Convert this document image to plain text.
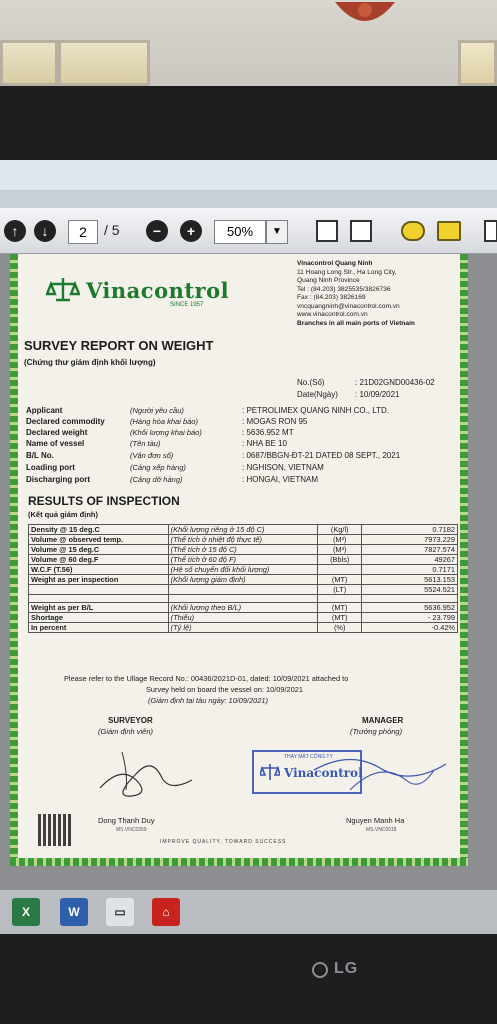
↑	↓	2	/ 5	−	+	50%	▼
Vinacontrol
SINCE 1957
Vinacontrol Quang Ninh
11 Hoang Long Str., Ha Long City,
Quang Ninh Province
Tel : (84.203) 3825535/3826736
Fax : (84.203) 3826169
vncquangninh@vinacontrol.com.vn
www.vinacontrol.com.vn
Branches in all main ports of Vietnam
SURVEY REPORT ON WEIGHT
(Chứng thư giám định khối lượng)
No.(Số)	: 21D02GND00436-02
Date(Ngày) : 10/09/2021
Applicant	(Người yêu cầu)	: PETROLIMEX QUANG NINH CO., LTD.
Declared commodity	(Hàng hóa khai báo)	: MOGAS RON 95
Declared weight	(Khối lượng khai báo)	: 5636.952 MT
Name of vessel	(Tên tàu)	: NHA BE 10
B/L No.	(Vận đơn số)	: 0687/BBGN-ĐT-21 DATED 08 SEPT., 2021
Loading port	(Cảng xếp hàng)	: NGHISON, VIETNAM
Discharging port	(Cảng dỡ hàng)	: HONGAI, VIETNAM
RESULTS OF INSPECTION
(Kết quả giám định)
Density @ 15 deg.C	(Khối lượng riêng ở 15 độ C)	(Kg/l)	0.7182
Volume @ observed temp.	(Thể tích ở nhiệt độ thực tế)	(M³)	7973.229
Volume @ 15 deg.C	(Thể tích ở 15 độ C)	(M³)	7827.574
Volume @ 60 deg.F	(Thể tích ở 60 độ F)	(Bbls)	49267
W.C.F (T.56)	(Hệ số chuyển đổi khối lượng)		0.7171
Weight as per inspection	(Khối lượng giám định)	(MT)	5613.153
		(LT)	5524.521

Weight as per B/L	(Khối lượng theo B/L)	(MT)	5636.952
Shortage	(Thiếu)	(MT)	- 23.799
In percent	(Tỷ lệ)	(%)	-0.42%
Please refer to the Ullage Record No.: 00436/2021D-01, dated: 10/09/2021 attached to
Survey held on board the vessel on: 10/09/2021
(Giám định tại tàu ngày: 10/09/2021)
SURVEYOR
(Giám định viên)
MANAGER
(Trưởng phòng)
THAY MẶT CÔNG TY
Vinacontrol
Dong Thanh Duy
MS.VNC0359
Nguyen Manh Ha
MS.VNC0018
IMPROVE QUALITY, TOWARD SUCCESS
X	W	▭	⌂
LG
